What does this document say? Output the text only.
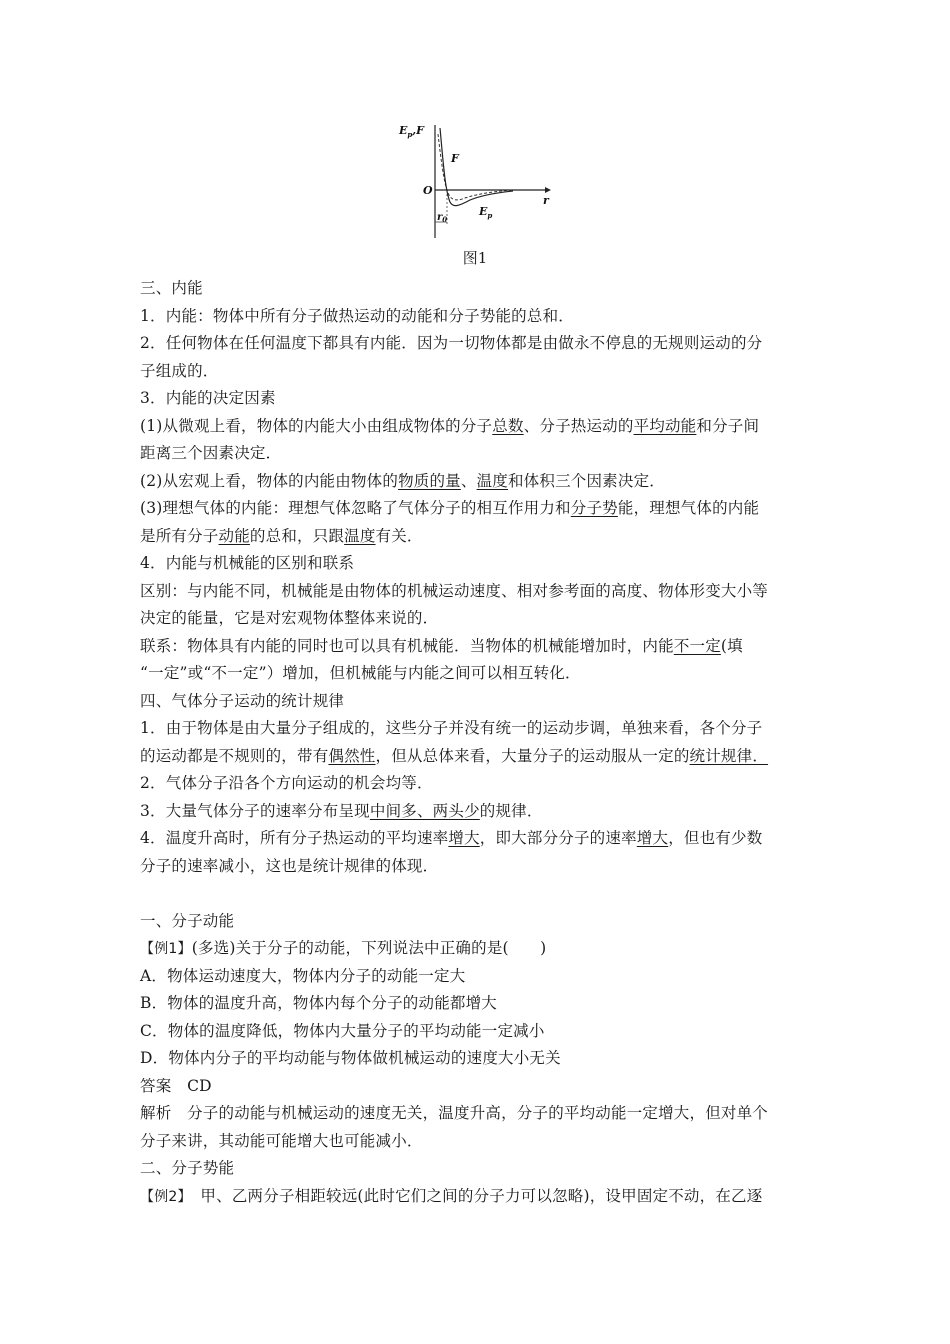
$E_p,F$
F
O
r
$E_p$
$r_0$
图1
三、内能
1．内能：物体中所有分子做热运动的动能和分子势能的总和．
2．任何物体在任何温度下都具有内能．因为一切物体都是由做永不停息的无规则运动的分
子组成的．
3．内能的决定因素
(1)从微观上看，物体的内能大小由组成物体的分子总数、分子热运动的平均动能和分子间
距离三个因素决定．
(2)从宏观上看，物体的内能由物体的物质的量、温度和体积三个因素决定．
(3)理想气体的内能：理想气体忽略了气体分子的相互作用力和分子势能，理想气体的内能
是所有分子动能的总和，只跟温度有关．
4．内能与机械能的区别和联系
区别：与内能不同，机械能是由物体的机械运动速度、相对参考面的高度、物体形变大小等
决定的能量，它是对宏观物体整体来说的．
联系：物体具有内能的同时也可以具有机械能．当物体的机械能增加时，内能不一定(填
“一定”或“不一定”）增加，但机械能与内能之间可以相互转化．
四、气体分子运动的统计规律
1．由于物体是由大量分子组成的，这些分子并没有统一的运动步调，单独来看，各个分子
的运动都是不规则的，带有偶然性，但从总体来看，大量分子的运动服从一定的统计规律．
2．气体分子沿各个方向运动的机会均等．
3．大量气体分子的速率分布呈现中间多、两头少的规律．
4．温度升高时，所有分子热运动的平均速率增大，即大部分分子的速率增大，但也有少数
分子的速率减小，这也是统计规律的体现．
一、分子动能
【例1】(多选)关于分子的动能，下列说法中正确的是(　　)
A．物体运动速度大，物体内分子的动能一定大
B．物体的温度升高，物体内每个分子的动能都增大
C．物体的温度降低，物体内大量分子的平均动能一定减小
D．物体内分子的平均动能与物体做机械运动的速度大小无关
答案　CD
解析　分子的动能与机械运动的速度无关，温度升高，分子的平均动能一定增大，但对单个
分子来讲，其动能可能增大也可能减小．
二、分子势能
【例2】　甲、乙两分子相距较远(此时它们之间的分子力可以忽略)，设甲固定不动，在乙逐
